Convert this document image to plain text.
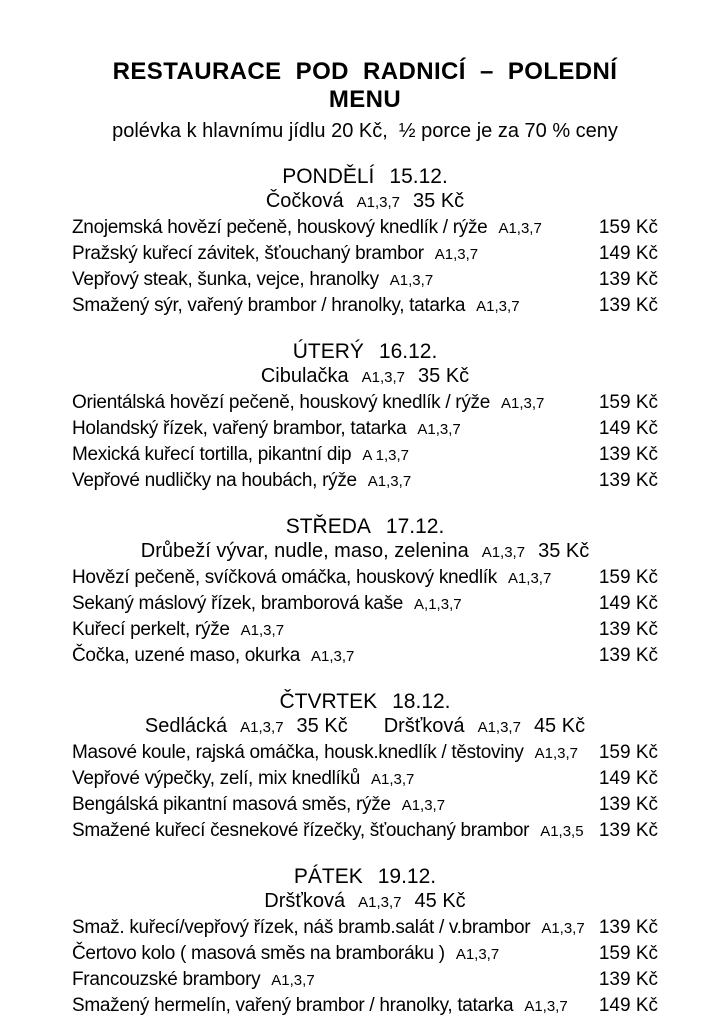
RESTAURACE  POD  RADNICÍ  –  POLEDNÍ  MENU
polévka k hlavnímu jídlu 20 Kč,  ½ porce je za 70 % ceny
PONDĚLÍ 15.12.
Čočková A1,3,7 35 Kč
Znojemská hovězí pečeně, houskový knedlík / rýže A1,3,7	159 Kč
Pražský kuřecí závitek, šťouchaný brambor A1,3,7	149 Kč
Vepřový steak, šunka, vejce, hranolky A1,3,7	139 Kč
Smažený sýr, vařený brambor / hranolky, tatarka A1,3,7	139 Kč
ÚTERÝ 16.12.
Cibulačka A1,3,7 35 Kč
Orientálská hovězí pečeně, houskový knedlík / rýže A1,3,7	159 Kč
Holandský řízek, vařený brambor, tatarka A1,3,7	149 Kč
Mexická kuřecí tortilla, pikantní dip A 1,3,7	139 Kč
Vepřové nudličky na houbách, rýže A1,3,7	139 Kč
STŘEDA 17.12.
Drůbeží vývar, nudle, maso, zelenina A1,3,7 35 Kč
Hovězí pečeně, svíčková omáčka, houskový knedlík A1,3,7	159 Kč
Sekaný máslový řízek, bramborová kaše A,1,3,7	149 Kč
Kuřecí perkelt, rýže A1,3,7	139 Kč
Čočka, uzené maso, okurka A1,3,7	139 Kč
ČTVRTEK 18.12.
Sedlácká A1,3,7 35 Kč Dršťková A1,3,7 45 Kč
Masové koule, rajská omáčka, housk.knedlík / těstoviny A1,3,7	159 Kč
Vepřové výpečky, zelí, mix knedlíků A1,3,7	149 Kč
Bengálská pikantní masová směs, rýže A1,3,7	139 Kč
Smažené kuřecí česnekové řízečky, šťouchaný brambor A1,3,5 139 Kč
PÁTEK 19.12.
Dršťková A1,3,7 45 Kč
Smaž. kuřecí/vepřový řízek, náš bramb.salát / v.brambor A1,3,7 139 Kč
Čertovo kolo ( masová směs na bramboráku ) A1,3,7	159 Kč
Francouzské brambory A1,3,7	139 Kč
Smažený hermelín, vařený brambor / hranolky, tatarka A1,3,7	149 Kč
